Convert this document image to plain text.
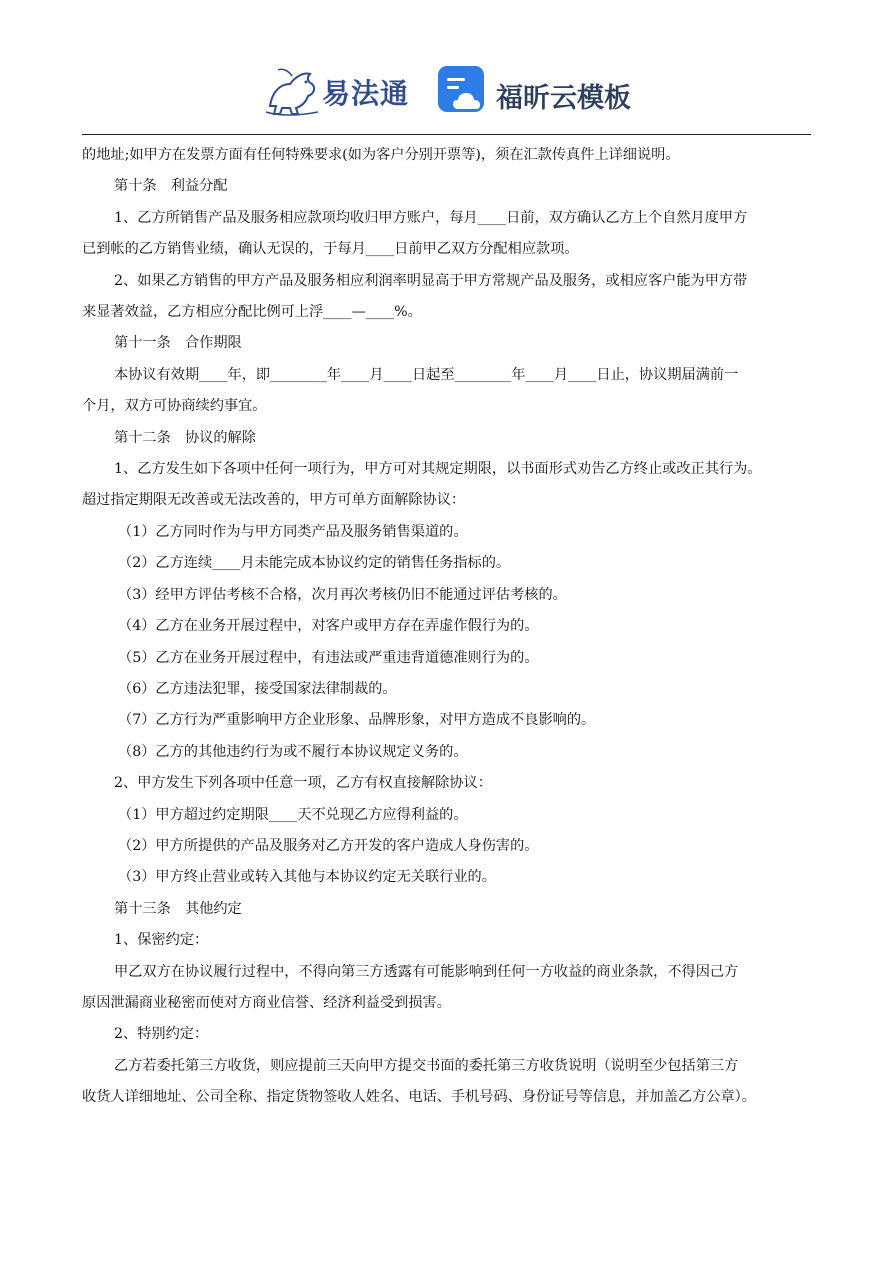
易法通	福昕云模板

的地址;如甲方在发票方面有任何特殊要求(如为客户分别开票等)，须在汇款传真件上详细说明。

第十条　利益分配

1、乙方所销售产品及服务相应款项均收归甲方账户，每月____日前，双方确认乙方上个自然月度甲方

已到帐的乙方销售业绩，确认无误的，于每月____日前甲乙双方分配相应款项。

2、如果乙方销售的甲方产品及服务相应利润率明显高于甲方常规产品及服务，或相应客户能为甲方带

来显著效益，乙方相应分配比例可上浮____—____%。

第十一条　合作期限

本协议有效期____年，即________年____月____日起至________年____月____日止，协议期届满前一

个月，双方可协商续约事宜。

第十二条　协议的解除

1、乙方发生如下各项中任何一项行为，甲方可对其规定期限，以书面形式劝告乙方终止或改正其行为。

超过指定期限无改善或无法改善的，甲方可单方面解除协议：

（1）乙方同时作为与甲方同类产品及服务销售渠道的。

（2）乙方连续____月未能完成本协议约定的销售任务指标的。

（3）经甲方评估考核不合格，次月再次考核仍旧不能通过评估考核的。

（4）乙方在业务开展过程中，对客户或甲方存在弄虚作假行为的。

（5）乙方在业务开展过程中，有违法或严重违背道德准则行为的。

（6）乙方违法犯罪，接受国家法律制裁的。

（7）乙方行为严重影响甲方企业形象、品牌形象，对甲方造成不良影响的。

（8）乙方的其他违约行为或不履行本协议规定义务的。

2、甲方发生下列各项中任意一项，乙方有权直接解除协议：

（1）甲方超过约定期限____天不兑现乙方应得利益的。

（2）甲方所提供的产品及服务对乙方开发的客户造成人身伤害的。

（3）甲方终止营业或转入其他与本协议约定无关联行业的。

第十三条　其他约定

1、保密约定：

甲乙双方在协议履行过程中，不得向第三方透露有可能影响到任何一方收益的商业条款，不得因己方

原因泄漏商业秘密而使对方商业信誉、经济利益受到损害。

2、特别约定：

乙方若委托第三方收货，则应提前三天向甲方提交书面的委托第三方收货说明（说明至少包括第三方

收货人详细地址、公司全称、指定货物签收人姓名、电话、手机号码、身份证号等信息，并加盖乙方公章）。
